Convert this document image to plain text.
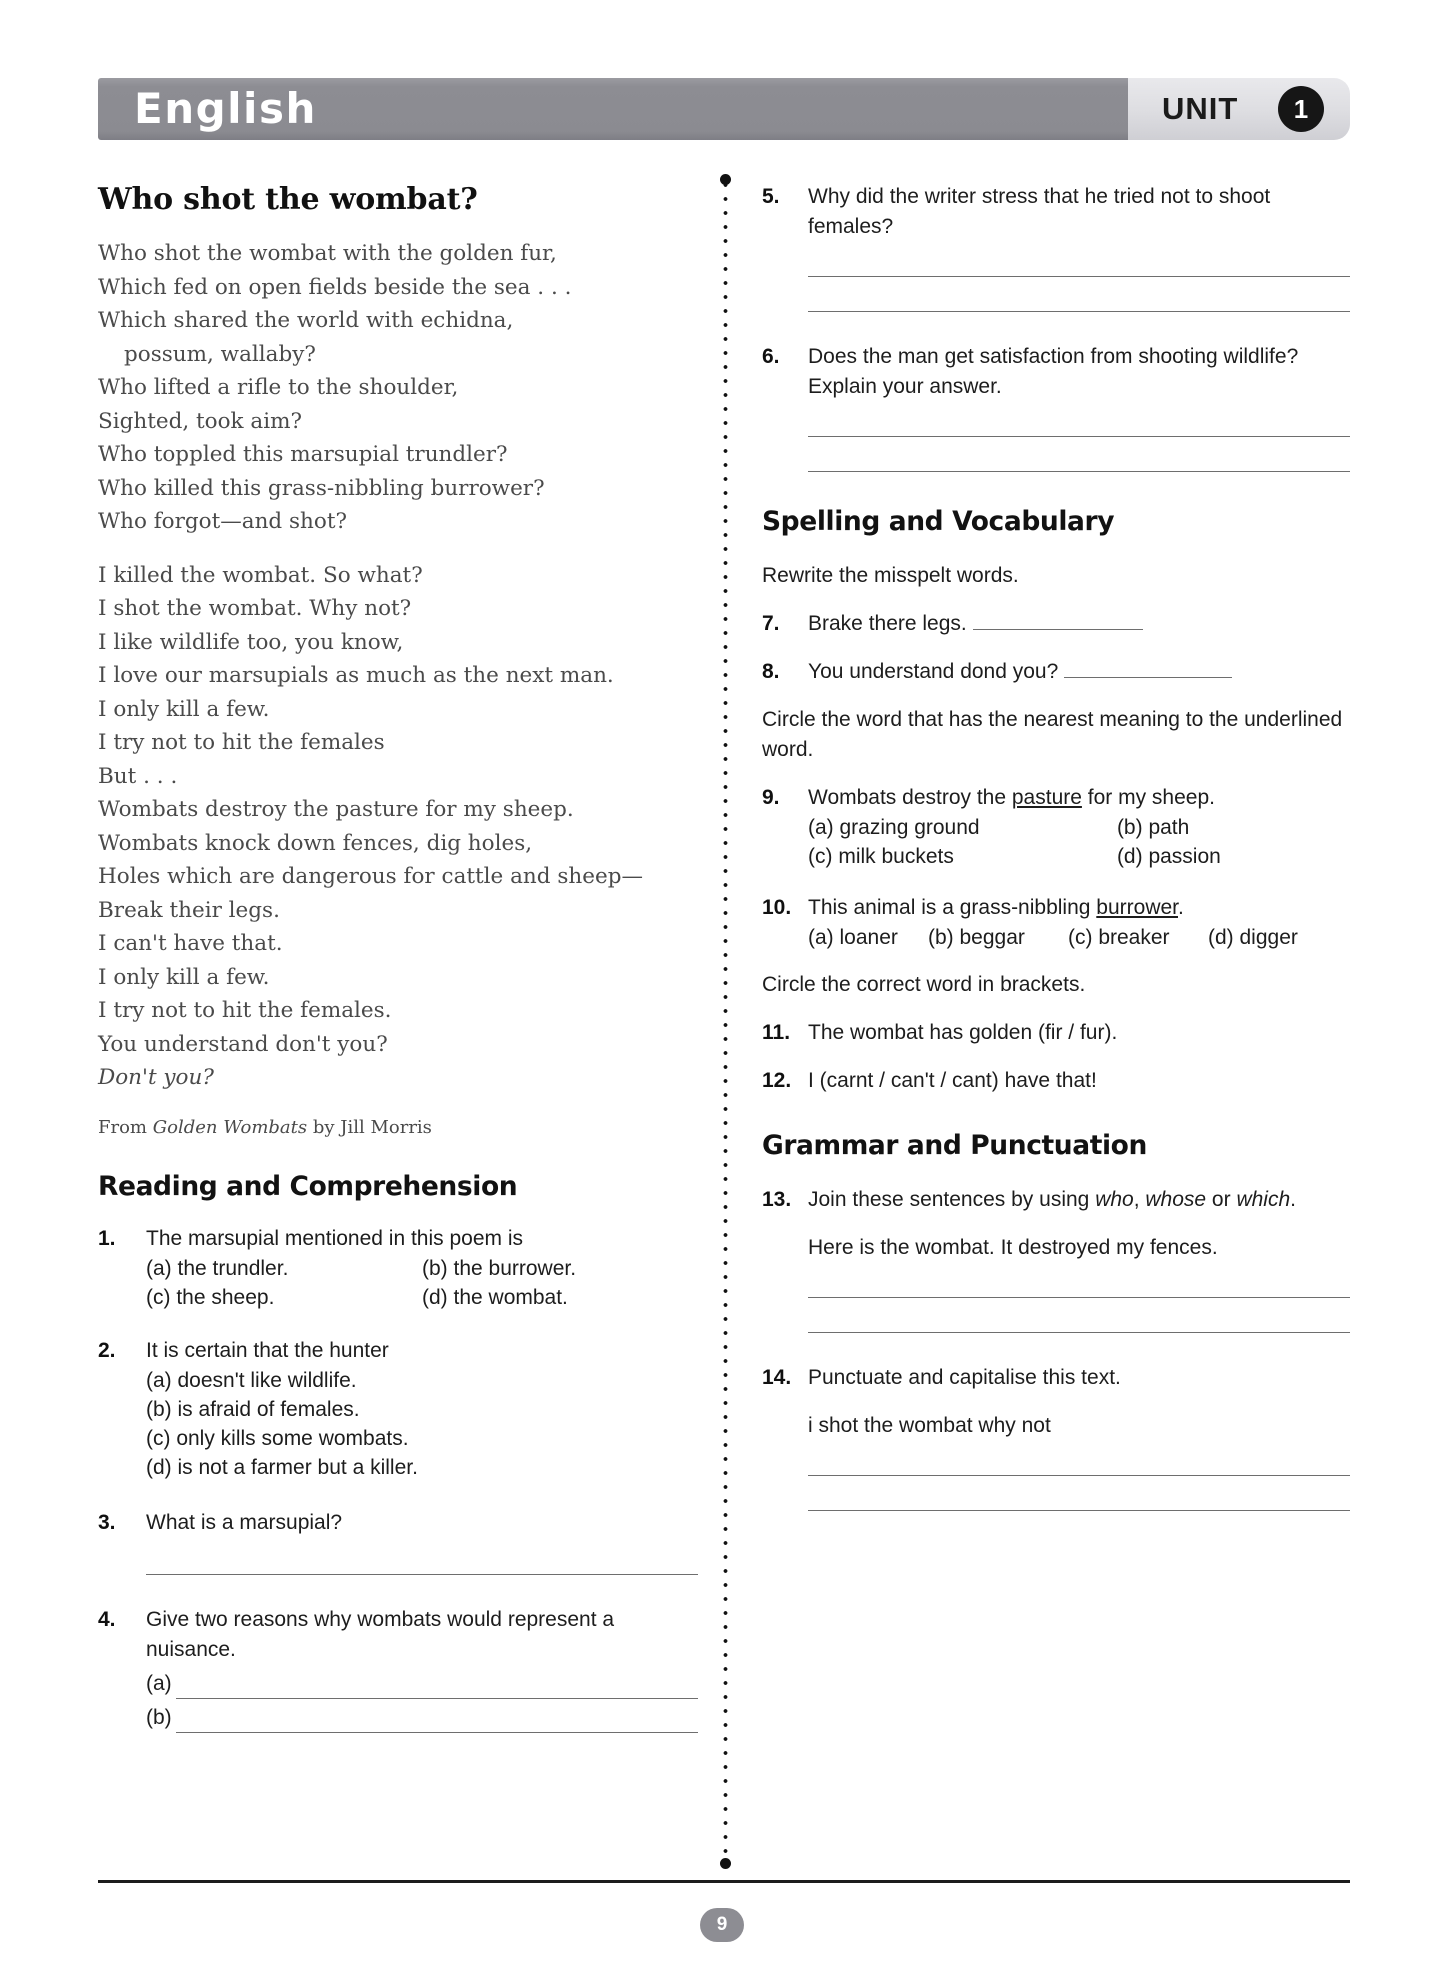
English	UNIT	1
Who shot the wombat?
Who shot the wombat with the golden fur,
Which fed on open fields beside the sea . . .
Which shared the world with echidna,
possum, wallaby?
Who lifted a rifle to the shoulder,
Sighted, took aim?
Who toppled this marsupial trundler?
Who killed this grass-nibbling burrower?
Who forgot—and shot?
I killed the wombat. So what?
I shot the wombat. Why not?
I like wildlife too, you know,
I love our marsupials as much as the next man.
I only kill a few.
I try not to hit the females
But . . .
Wombats destroy the pasture for my sheep.
Wombats knock down fences, dig holes,
Holes which are dangerous for cattle and sheep—
Break their legs.
I can't have that.
I only kill a few.
I try not to hit the females.
You understand don't you?
Don't you?
From Golden Wombats by Jill Morris
Reading and Comprehension
1.	The marsupial mentioned in this poem is
(a) the trundler.	(b) the burrower.
(c) the sheep.	(d) the wombat.
2.	It is certain that the hunter
(a) doesn't like wildlife.
(b) is afraid of females.
(c) only kills some wombats.
(d) is not a farmer but a killer.
3.	What is a marsupial?
4.	Give two reasons why wombats would represent a nuisance.
(a)
(b)
5.	Why did the writer stress that he tried not to shoot females?
6.	Does the man get satisfaction from shooting wildlife? Explain your answer.
Spelling and Vocabulary
Rewrite the misspelt words.
7.	Brake there legs.
8.	You understand dond you?
Circle the word that has the nearest meaning to the underlined word.
9.	Wombats destroy the pasture for my sheep.
(a) grazing ground	(b) path
(c) milk buckets	(d) passion
10. This animal is a grass-nibbling burrower.
(a) loaner	(b) beggar	(c) breaker	(d) digger
Circle the correct word in brackets.
11. The wombat has golden (fir / fur).
12. I (carnt / can't / cant) have that!
Grammar and Punctuation
13. Join these sentences by using who, whose or which.
Here is the wombat. It destroyed my fences.
14. Punctuate and capitalise this text.
i shot the wombat why not
9
